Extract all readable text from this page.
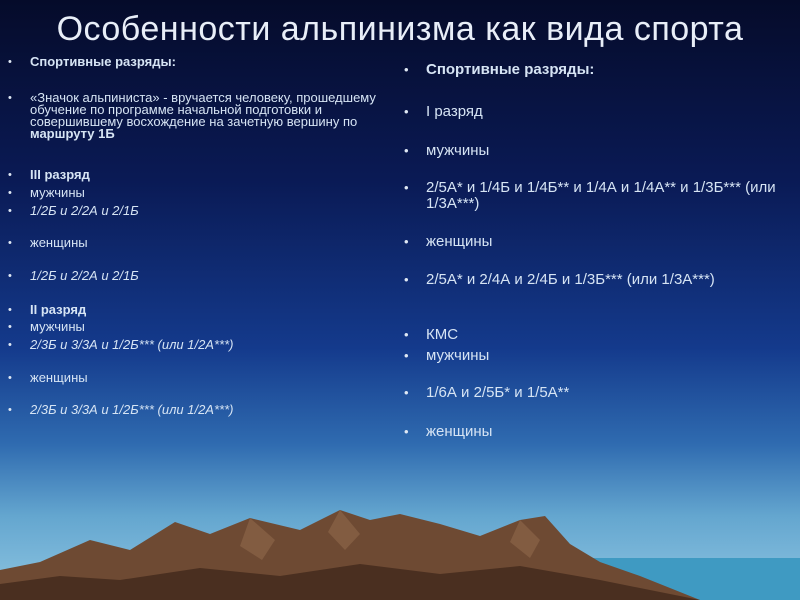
Особенности альпинизма как вида спорта
•	Спортивные разряды:
•	«Значок альпиниста» - вручается человеку, прошедшему обучение по программе начальной подготовки и совершившему восхождение на зачетную вершину по маршруту 1Б
•	III разряд
•	мужчины
•	1/2Б и 2/2А и 2/1Б
•	женщины
•	1/2Б и 2/2А и 2/1Б
•	II разряд
•	мужчины
•	2/3Б и 3/3А и 1/2Б*** (или 1/2А***)
•	женщины
•	2/3Б и 3/3А и 1/2Б*** (или 1/2А***)
•	Спортивные разряды:
•	I разряд
•	мужчины
•	2/5А* и 1/4Б и 1/4Б** и 1/4А и 1/4А** и 1/3Б*** (или 1/3А***)
•	женщины
•	2/5А* и 2/4А и 2/4Б и 1/3Б*** (или 1/3А***)
•	КМС
•	мужчины
•	1/6А и 2/5Б* и 1/5А**
•	женщины
